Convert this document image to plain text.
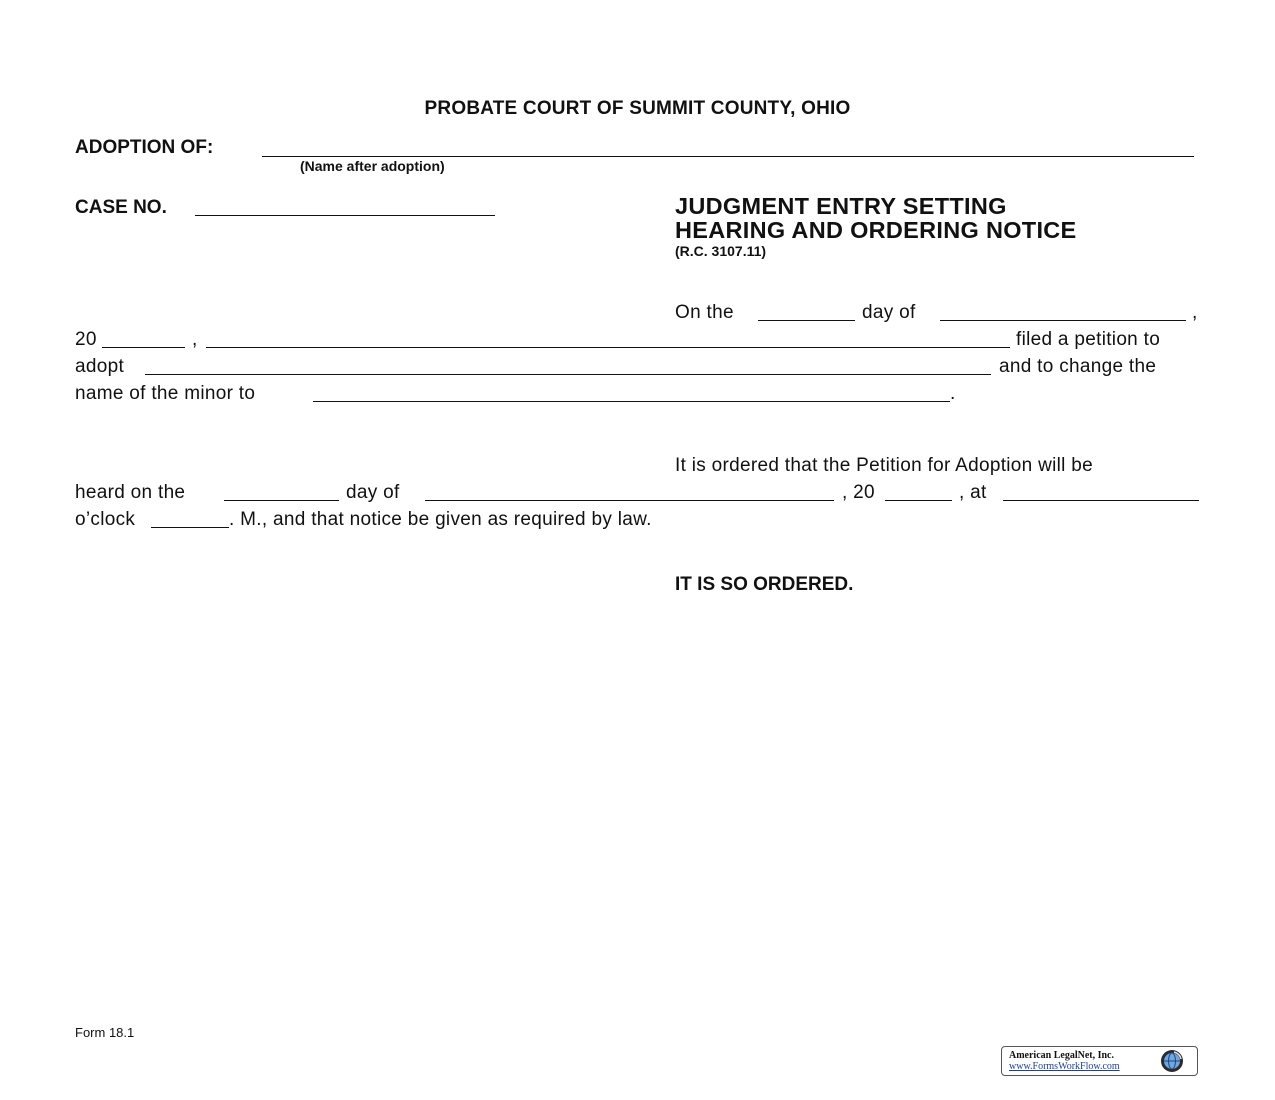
PROBATE COURT OF SUMMIT COUNTY, OHIO
ADOPTION OF:
(Name after adoption)
CASE NO.	JUDGMENT ENTRY SETTING
HEARING AND ORDERING NOTICE
(R.C. 3107.11)
On the	day of	,
20	,	filed a petition to
adopt	and to change the
name of the minor to	.
It is ordered that the Petition for Adoption will be
heard on the	day of	, 20	, at
o’clock	. M., and that notice be given as required by law.
IT IS SO ORDERED.
Form 18.1
American LegalNet, Inc.
www.FormsWorkFlow.com
